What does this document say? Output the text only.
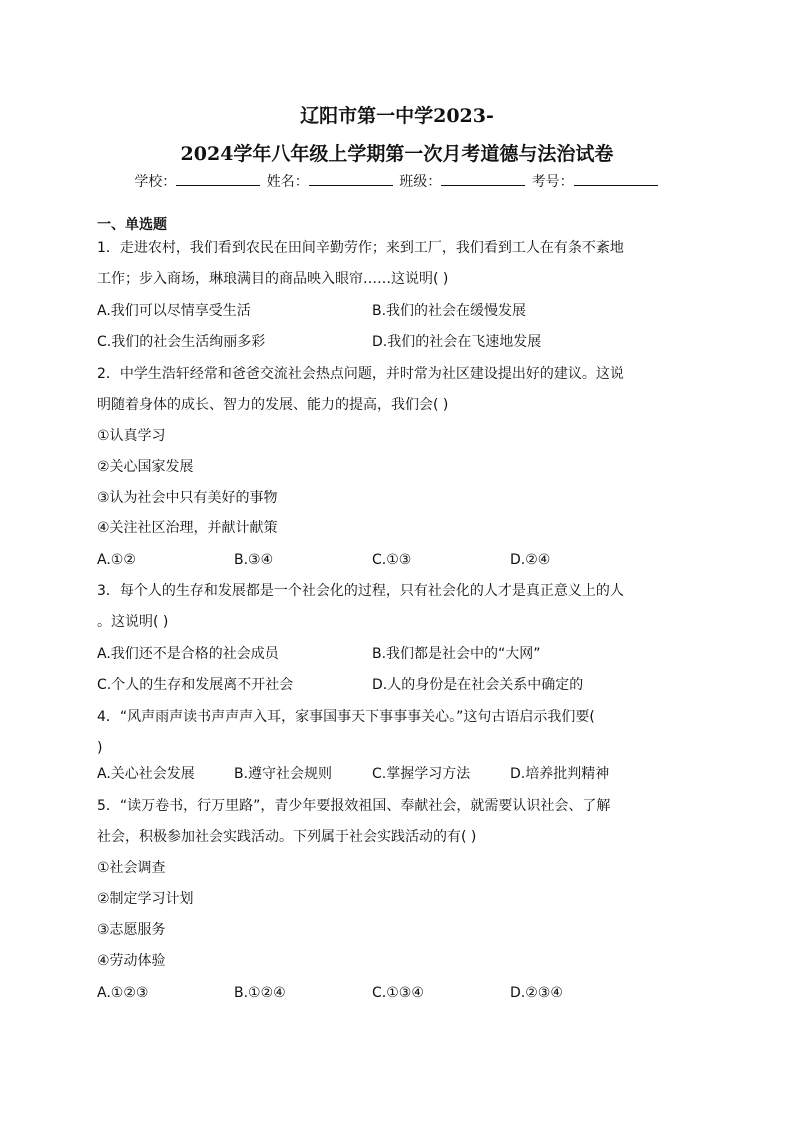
辽阳市第一中学2023-
2024学年八年级上学期第一次月考道德与法治试卷
学校：	姓名：	班级：	考号：
一、单选题
1．走进农村，我们看到农民在田间辛勤劳作；来到工厂，我们看到工人在有条不紊地
工作；步入商场，琳琅满目的商品映入眼帘……这说明( )
A.我们可以尽情享受生活	B.我们的社会在缓慢发展
C.我们的社会生活绚丽多彩	D.我们的社会在飞速地发展
2．中学生浩轩经常和爸爸交流社会热点问题，并时常为社区建设提出好的建议。这说
明随着身体的成长、智力的发展、能力的提高，我们会( )
①认真学习
②关心国家发展
③认为社会中只有美好的事物
④关注社区治理，并献计献策
A.①②	B.③④	C.①③	D.②④
3．每个人的生存和发展都是一个社会化的过程，只有社会化的人才是真正意义上的人
。这说明( )
A.我们还不是合格的社会成员	B.我们都是社会中的“大网”
C.个人的生存和发展离不开社会	D.人的身份是在社会关系中确定的
4．“风声雨声读书声声声入耳，家事国事天下事事事关心。”这句古语启示我们要(
)
A.关心社会发展	B.遵守社会规则	C.掌握学习方法	D.培养批判精神
5．“读万卷书，行万里路”，青少年要报效祖国、奉献社会，就需要认识社会、了解
社会，积极参加社会实践活动。下列属于社会实践活动的有( )
①社会调查
②制定学习计划
③志愿服务
④劳动体验
A.①②③	B.①②④	C.①③④	D.②③④
